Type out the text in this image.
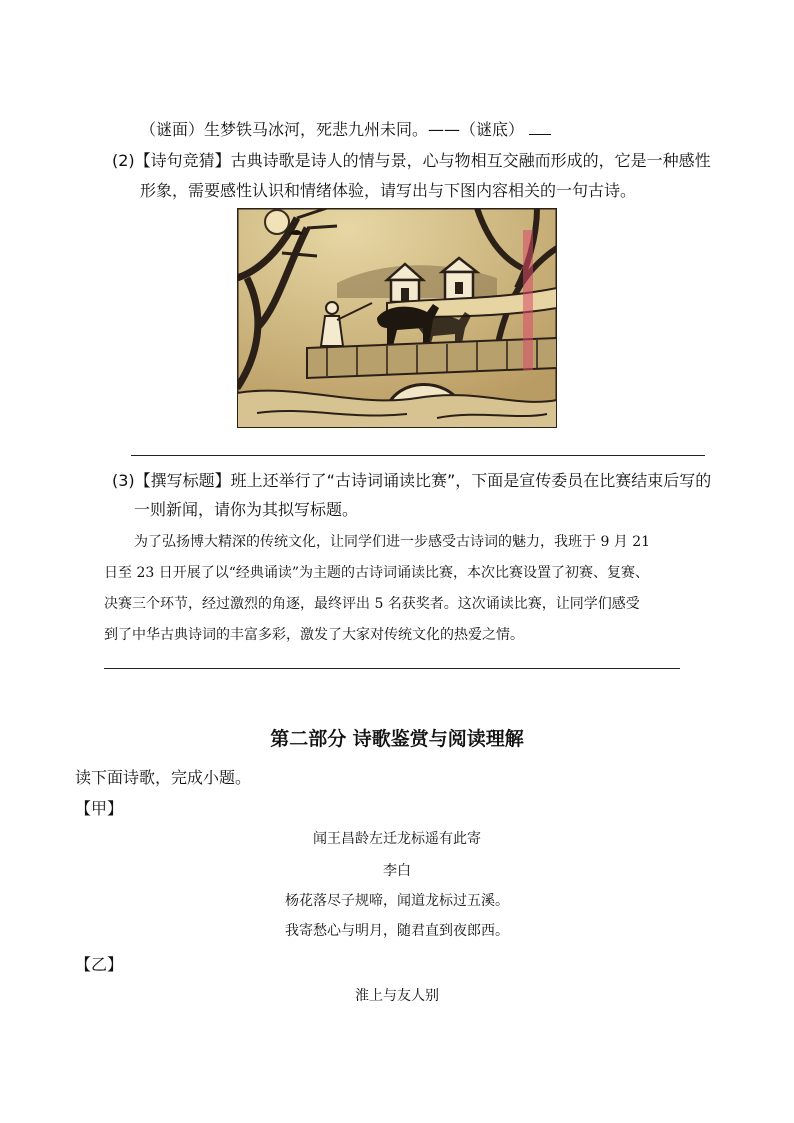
（谜面）生梦铁马冰河，死悲九州未同。——（谜底）
(2)【诗句竞猜】古典诗歌是诗人的情与景，心与物相互交融而形成的，它是一种感性
形象，需要感性认识和情绪体验，请写出与下图内容相关的一句古诗。
(3)【撰写标题】班上还举行了“古诗词诵读比赛”，下面是宣传委员在比赛结束后写的
一则新闻，请你为其拟写标题。
为了弘扬博大精深的传统文化，让同学们进一步感受古诗词的魅力，我班于 9 月 21
日至 23 日开展了以“经典诵读”为主题的古诗词诵读比赛，本次比赛设置了初赛、复赛、
决赛三个环节，经过激烈的角逐，最终评出 5 名获奖者。这次诵读比赛，让同学们感受
到了中华古典诗词的丰富多彩，激发了大家对传统文化的热爱之情。
第二部分 诗歌鉴赏与阅读理解
读下面诗歌，完成小题。
【甲】
闻王昌龄左迁龙标遥有此寄
李白
杨花落尽子规啼，闻道龙标过五溪。
我寄愁心与明月，随君直到夜郎西。
【乙】
淮上与友人别
